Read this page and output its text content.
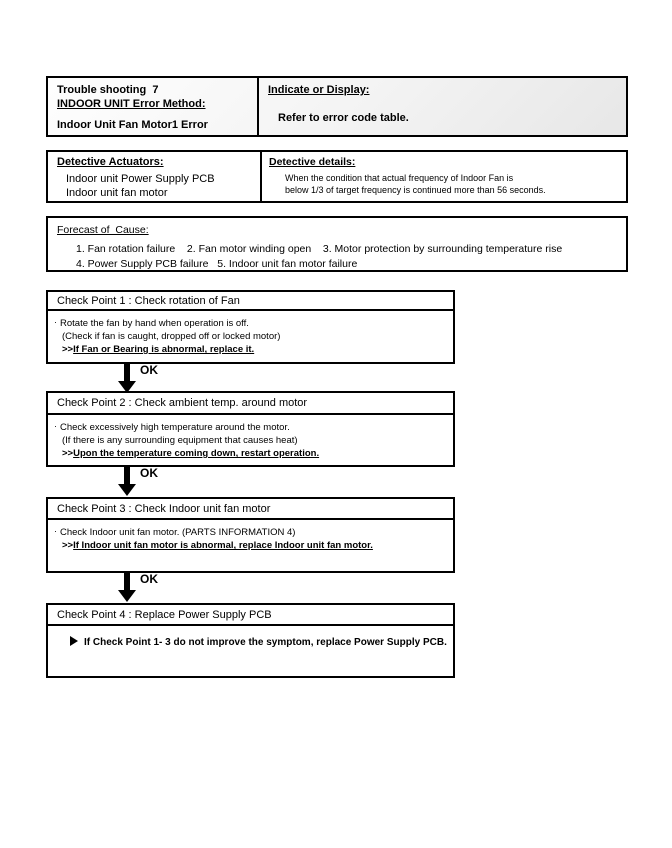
Trouble shooting  7
INDOOR UNIT Error Method:
Indoor Unit Fan Motor1 Error
Indicate or Display:
Refer to error code table.
Detective Actuators:
Indoor unit Power Supply PCB
Indoor unit fan motor
Detective details:
When the condition that actual frequency of Indoor Fan is
below 1/3 of target frequency is continued more than 56 seconds.
Forecast of  Cause:
1. Fan rotation failure    2. Fan motor winding open    3. Motor protection by surrounding temperature rise
4. Power Supply PCB failure   5. Indoor unit fan motor failure
Check Point 1 : Check rotation of Fan
· Rotate the fan by hand when operation is off.
(Check if fan is caught, dropped off or locked motor)
>>If Fan or Bearing is abnormal, replace it.
OK
Check Point 2 : Check ambient temp. around motor
· Check excessively high temperature around the motor.
(If there is any surrounding equipment that causes heat)
>>Upon the temperature coming down, restart operation.
OK
Check Point 3 : Check Indoor unit fan motor
· Check Indoor unit fan motor. (PARTS INFORMATION 4)
>>If Indoor unit fan motor is abnormal, replace Indoor unit fan motor.
OK
Check Point 4 : Replace Power Supply PCB
If Check Point 1- 3 do not improve the symptom, replace Power Supply PCB.
